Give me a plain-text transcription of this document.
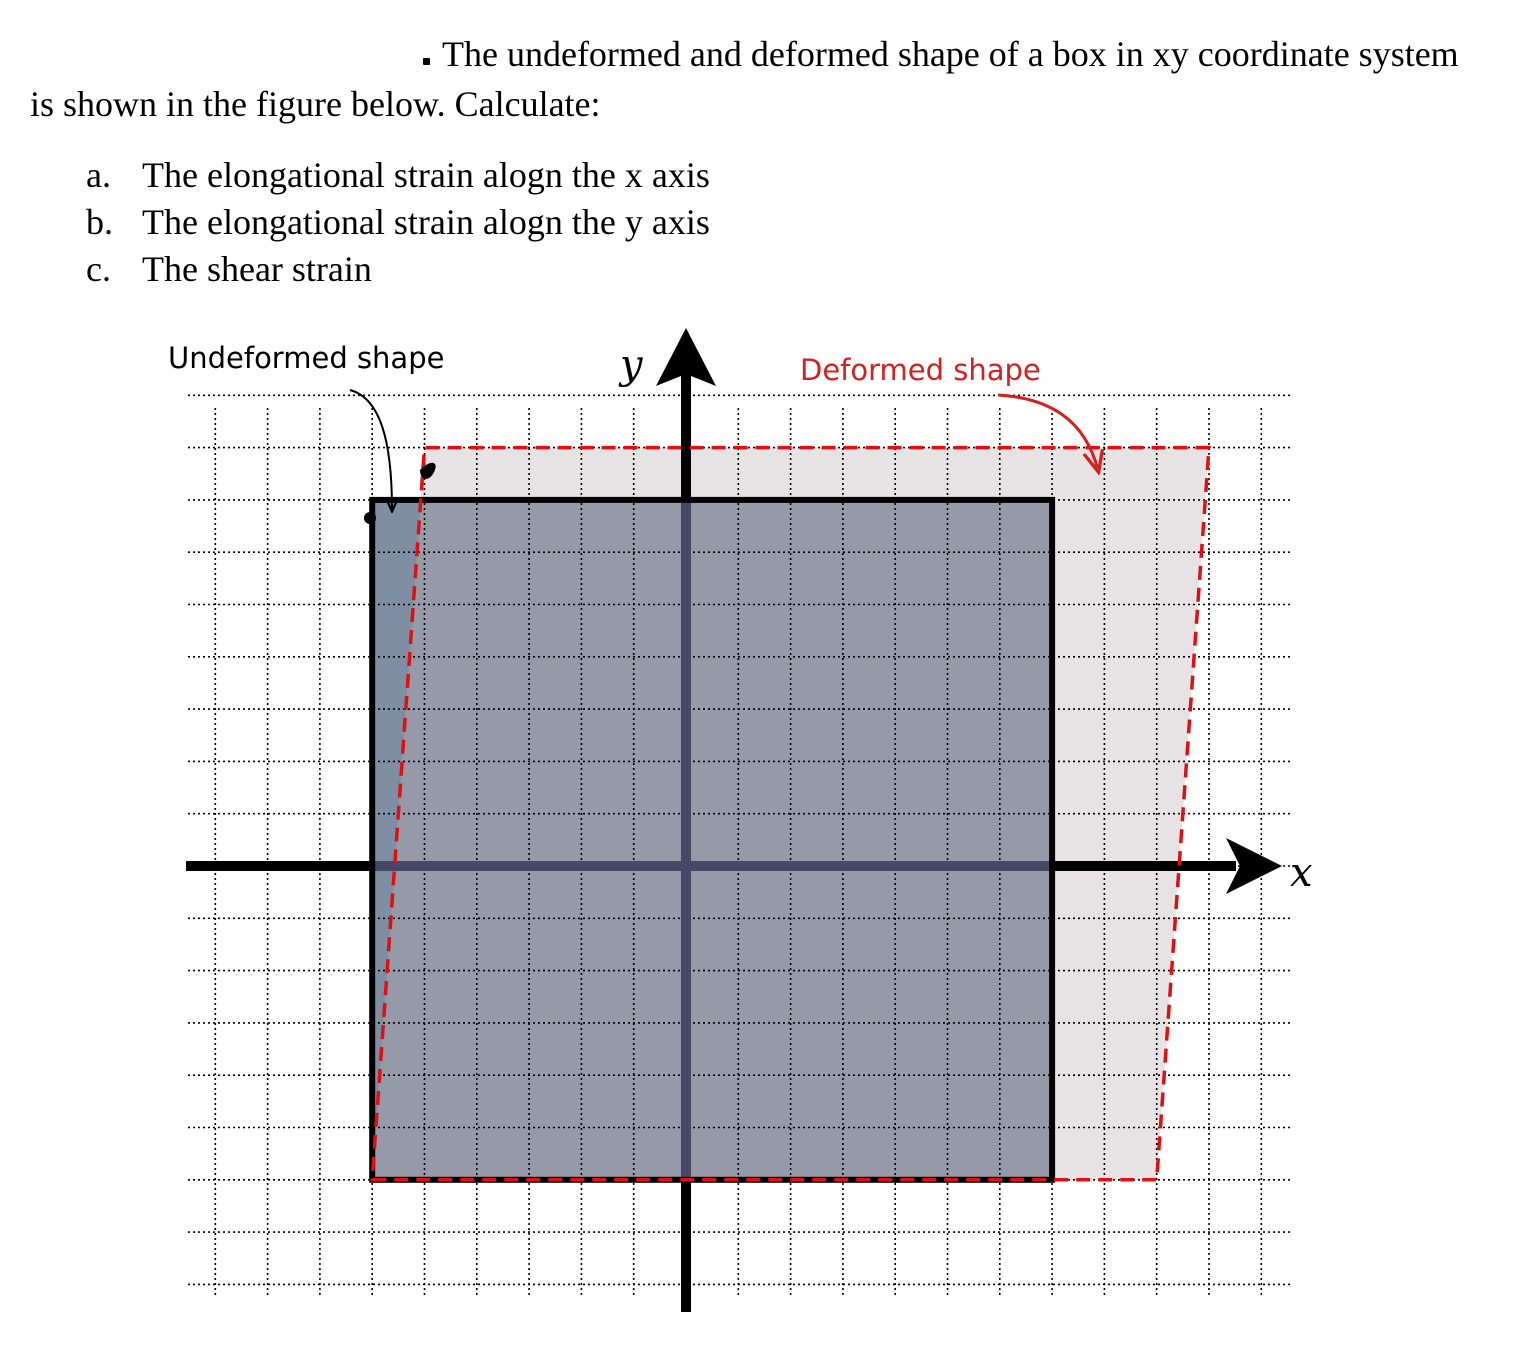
The undeformed and deformed shape of a box in xy coordinate system
is shown in the figure below. Calculate:
a. The elongational strain alogn the x axis
b. The elongational strain alogn the y axis
c. The shear strain
Undeformed shape	Deformed shape
y
x
